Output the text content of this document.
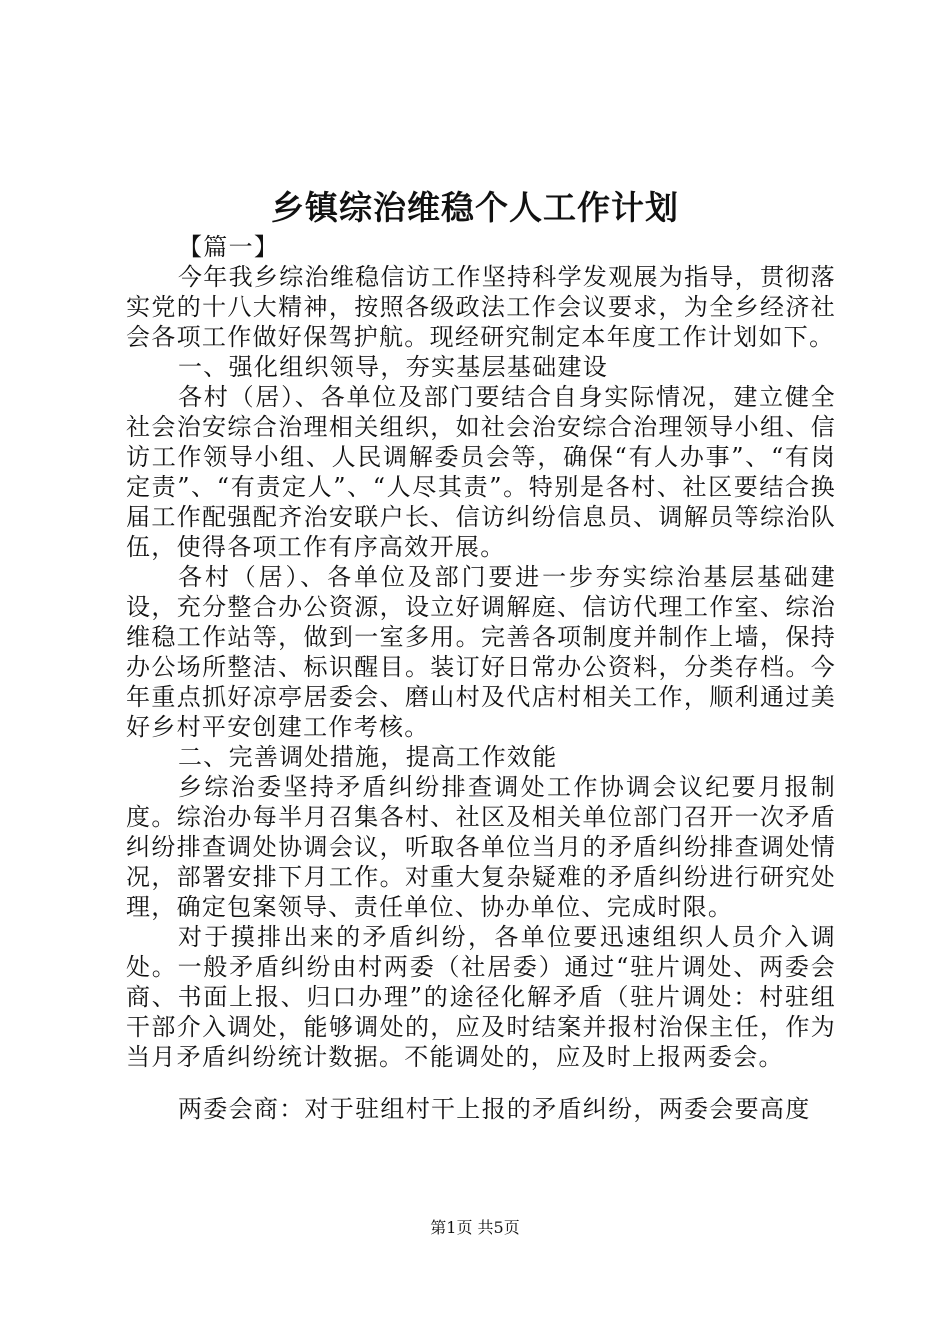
乡镇综治维稳个人工作计划

【篇一】

今年我乡综治维稳信访工作坚持科学发观展为指导，贯彻落实党的十八大精神，按照各级政法工作会议要求，为全乡经济社会各项工作做好保驾护航。现经研究制定本年度工作计划如下。

一、强化组织领导，夯实基层基础建设

各村（居）、各单位及部门要结合自身实际情况，建立健全社会治安综合治理相关组织，如社会治安综合治理领导小组、信访工作领导小组、人民调解委员会等，确保“有人办事”、“有岗定责”、“有责定人”、“人尽其责”。特别是各村、社区要结合换届工作配强配齐治安联户长、信访纠纷信息员、调解员等综治队伍，使得各项工作有序高效开展。

各村（居）、各单位及部门要进一步夯实综治基层基础建设，充分整合办公资源，设立好调解庭、信访代理工作室、综治维稳工作站等，做到一室多用。完善各项制度并制作上墙，保持办公场所整洁、标识醒目。装订好日常办公资料，分类存档。今年重点抓好凉亭居委会、磨山村及代店村相关工作，顺利通过美好乡村平安创建工作考核。

二、完善调处措施，提高工作效能

乡综治委坚持矛盾纠纷排查调处工作协调会议纪要月报制度。综治办每半月召集各村、社区及相关单位部门召开一次矛盾纠纷排查调处协调会议，听取各单位当月的矛盾纠纷排查调处情况，部署安排下月工作。对重大复杂疑难的矛盾纠纷进行研究处理，确定包案领导、责任单位、协办单位、完成时限。

对于摸排出来的矛盾纠纷，各单位要迅速组织人员介入调处。一般矛盾纠纷由村两委（社居委）通过“驻片调处、两委会商、书面上报、归口办理”的途径化解矛盾（驻片调处：村驻组干部介入调处，能够调处的，应及时结案并报村治保主任，作为当月矛盾纠纷统计数据。不能调处的，应及时上报两委会。

两委会商：对于驻组村干上报的矛盾纠纷，两委会要高度

第1页 共5页
